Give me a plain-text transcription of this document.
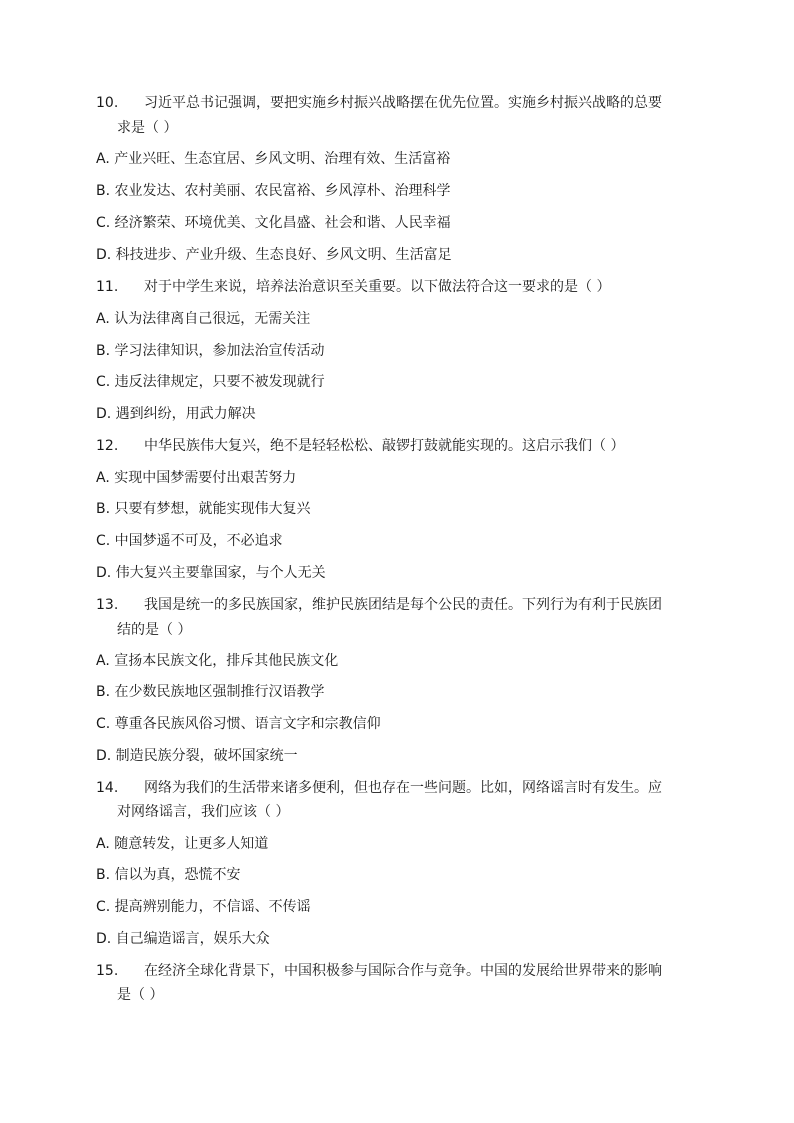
10. 习近平总书记强调，要把实施乡村振兴战略摆在优先位置。实施乡村振兴战略的总要
求是（ ）
A. 产业兴旺、生态宜居、乡风文明、治理有效、生活富裕
B. 农业发达、农村美丽、农民富裕、乡风淳朴、治理科学
C. 经济繁荣、环境优美、文化昌盛、社会和谐、人民幸福
D. 科技进步、产业升级、生态良好、乡风文明、生活富足
11. 对于中学生来说，培养法治意识至关重要。以下做法符合这一要求的是（ ）
A. 认为法律离自己很远，无需关注
B. 学习法律知识，参加法治宣传活动
C. 违反法律规定，只要不被发现就行
D. 遇到纠纷，用武力解决
12. 中华民族伟大复兴，绝不是轻轻松松、敲锣打鼓就能实现的。这启示我们（ ）
A. 实现中国梦需要付出艰苦努力
B. 只要有梦想，就能实现伟大复兴
C. 中国梦遥不可及，不必追求
D. 伟大复兴主要靠国家，与个人无关
13. 我国是统一的多民族国家，维护民族团结是每个公民的责任。下列行为有利于民族团
结的是（ ）
A. 宣扬本民族文化，排斥其他民族文化
B. 在少数民族地区强制推行汉语教学
C. 尊重各民族风俗习惯、语言文字和宗教信仰
D. 制造民族分裂，破坏国家统一
14. 网络为我们的生活带来诸多便利，但也存在一些问题。比如，网络谣言时有发生。应
对网络谣言，我们应该（ ）
A. 随意转发，让更多人知道
B. 信以为真，恐慌不安
C. 提高辨别能力，不信谣、不传谣
D. 自己编造谣言，娱乐大众
15. 在经济全球化背景下，中国积极参与国际合作与竞争。中国的发展给世界带来的影响
是（ ）
